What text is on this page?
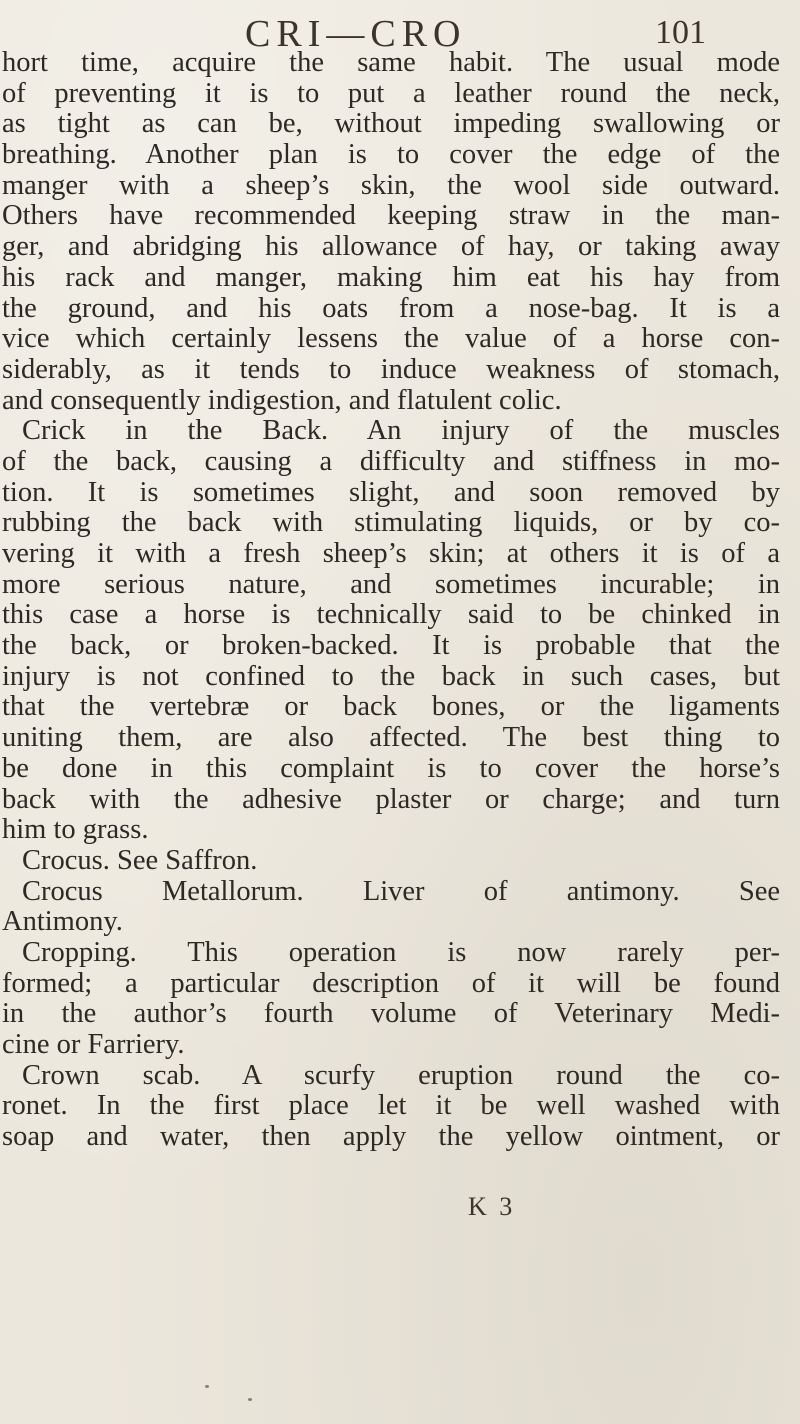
CRI—CRO	101
hort time, acquire the same habit. The usual mode
of preventing it is to put a leather round the neck,
as tight as can be, without impeding swallowing or
breathing. Another plan is to cover the edge of the
manger with a sheep’s skin, the wool side outward.
Others have recommended keeping straw in the man-
ger, and abridging his allowance of hay, or taking away
his rack and manger, making him eat his hay from
the ground, and his oats from a nose-bag. It is a
vice which certainly lessens the value of a horse con-
siderably, as it tends to induce weakness of stomach,
and consequently indigestion, and flatulent colic.
Crick in the Back. An injury of the muscles
of the back, causing a difficulty and stiffness in mo-
tion. It is sometimes slight, and soon removed by
rubbing the back with stimulating liquids, or by co-
vering it with a fresh sheep’s skin; at others it is of a
more serious nature, and sometimes incurable; in
this case a horse is technically said to be chinked in
the back, or broken-backed. It is probable that the
injury is not confined to the back in such cases, but
that the vertebræ or back bones, or the ligaments
uniting them, are also affected. The best thing to
be done in this complaint is to cover the horse’s
back with the adhesive plaster or charge; and turn
him to grass.
Crocus. See Saffron.
Crocus Metallorum. Liver of antimony. See
Antimony.
Cropping. This operation is now rarely per-
formed; a particular description of it will be found
in the author’s fourth volume of Veterinary Medi-
cine or Farriery.
Crown scab. A scurfy eruption round the co-
ronet. In the first place let it be well washed with
soap and water, then apply the yellow ointment, or
K 3
